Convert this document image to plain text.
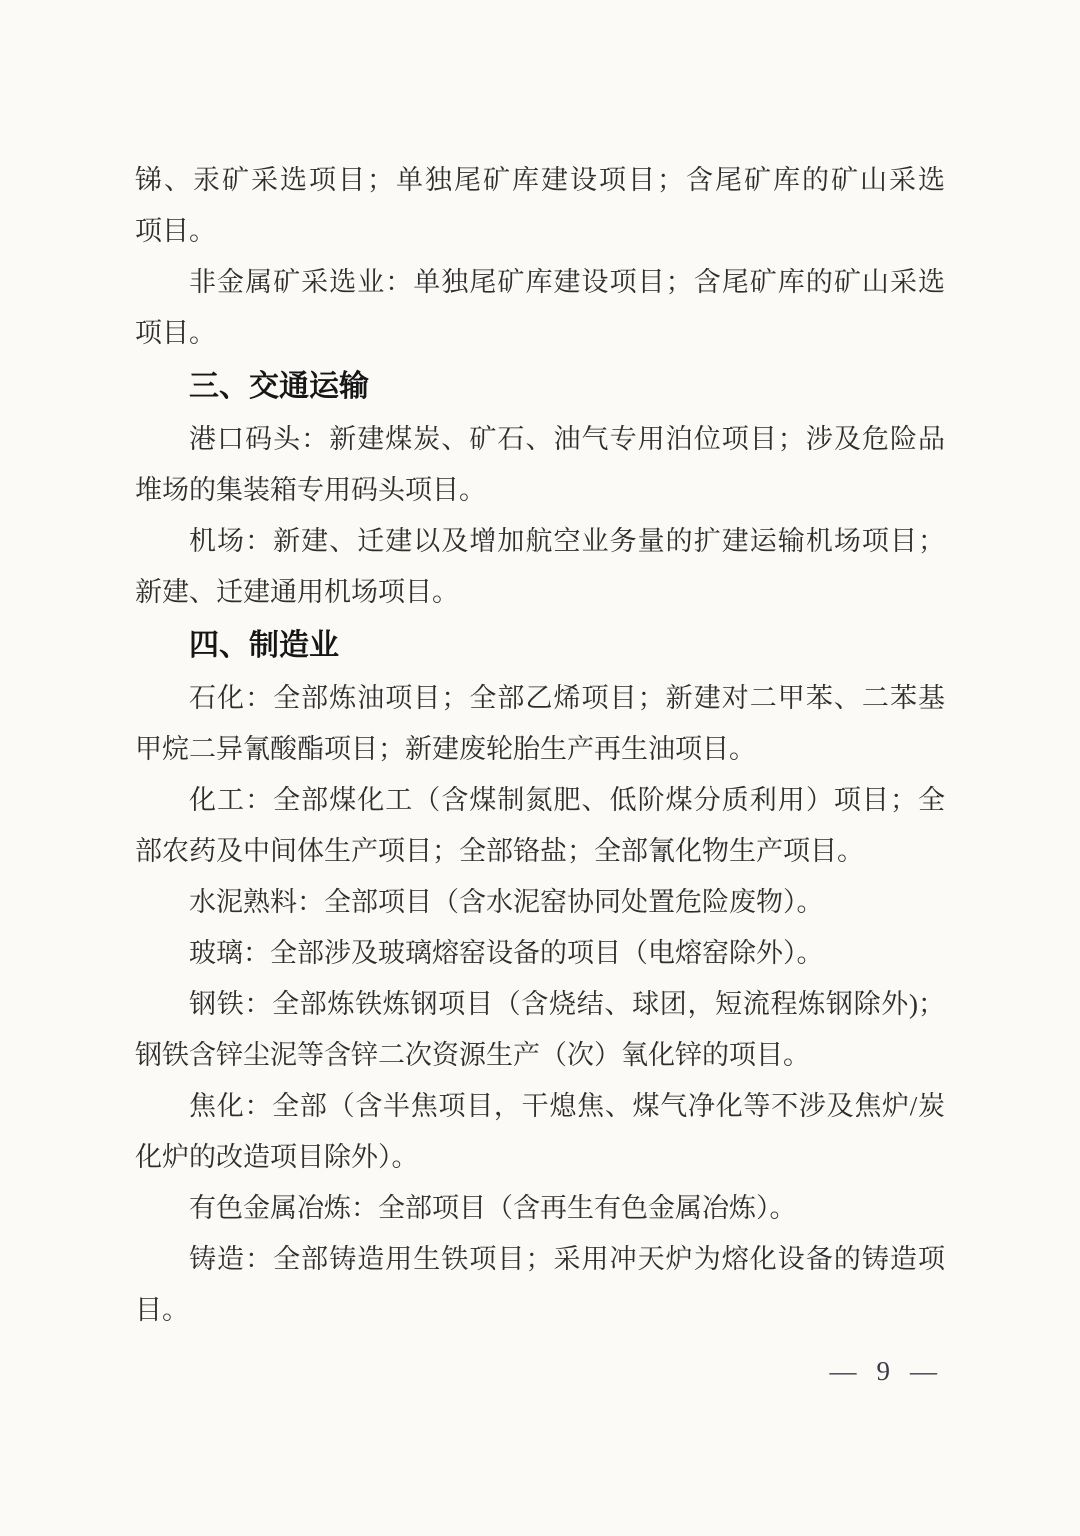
锑、汞矿采选项目；单独尾矿库建设项目；含尾矿库的矿山采选
项目。
非金属矿采选业：单独尾矿库建设项目；含尾矿库的矿山采选
项目。
三、交通运输
港口码头：新建煤炭、矿石、油气专用泊位项目；涉及危险品
堆场的集装箱专用码头项目。
机场：新建、迁建以及增加航空业务量的扩建运输机场项目；
新建、迁建通用机场项目。
四、制造业
石化：全部炼油项目；全部乙烯项目；新建对二甲苯、二苯基
甲烷二异氰酸酯项目；新建废轮胎生产再生油项目。
化工：全部煤化工（含煤制氮肥、低阶煤分质利用）项目；全
部农药及中间体生产项目；全部铬盐；全部氰化物生产项目。
水泥熟料：全部项目（含水泥窑协同处置危险废物）。
玻璃：全部涉及玻璃熔窑设备的项目（电熔窑除外）。
钢铁：全部炼铁炼钢项目（含烧结、球团，短流程炼钢除外)；
钢铁含锌尘泥等含锌二次资源生产（次）氧化锌的项目。
焦化：全部（含半焦项目，干熄焦、煤气净化等不涉及焦炉/炭
化炉的改造项目除外）。
有色金属冶炼：全部项目（含再生有色金属冶炼）。
铸造：全部铸造用生铁项目；采用冲天炉为熔化设备的铸造项
目。
— 9 —
